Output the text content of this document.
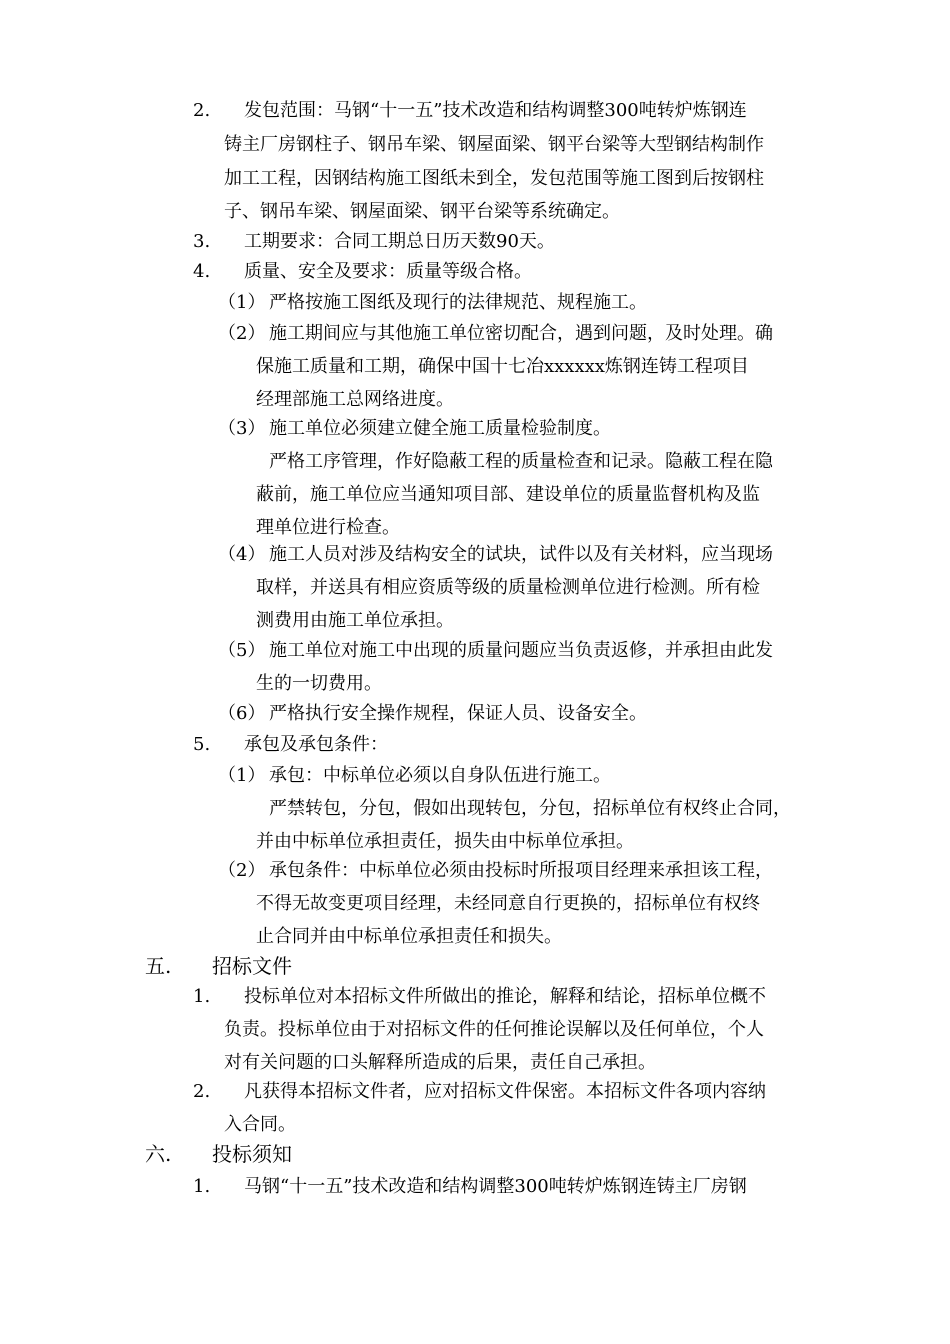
2. 发包范围：马钢“十一五”技术改造和结构调整300吨转炉炼钢连
铸主厂房钢柱子、钢吊车梁、钢屋面梁、钢平台梁等大型钢结构制作
加工工程，因钢结构施工图纸未到全，发包范围等施工图到后按钢柱
子、钢吊车梁、钢屋面梁、钢平台梁等系统确定。
3. 工期要求：合同工期总日历天数90天。
4. 质量、安全及要求：质量等级合格。
（1） 严格按施工图纸及现行的法律规范、规程施工。
（2） 施工期间应与其他施工单位密切配合，遇到问题，及时处理。确
保施工质量和工期，确保中国十七冶xxxxxx炼钢连铸工程项目
经理部施工总网络进度。
（3） 施工单位必须建立健全施工质量检验制度。
严格工序管理，作好隐蔽工程的质量检查和记录。隐蔽工程在隐
蔽前，施工单位应当通知项目部、建设单位的质量监督机构及监
理单位进行检查。
（4） 施工人员对涉及结构安全的试块，试件以及有关材料，应当现场
取样，并送具有相应资质等级的质量检测单位进行检测。所有检
测费用由施工单位承担。
（5） 施工单位对施工中出现的质量问题应当负责返修，并承担由此发
生的一切费用。
（6） 严格执行安全操作规程，保证人员、设备安全。
5. 承包及承包条件：
（1） 承包：中标单位必须以自身队伍进行施工。
严禁转包，分包，假如出现转包，分包，招标单位有权终止合同，
并由中标单位承担责任，损失由中标单位承担。
（2） 承包条件：中标单位必须由投标时所报项目经理来承担该工程，
不得无故变更项目经理，未经同意自行更换的，招标单位有权终
止合同并由中标单位承担责任和损失。
五. 招标文件
1. 投标单位对本招标文件所做出的推论，解释和结论，招标单位概不
负责。投标单位由于对招标文件的任何推论误解以及任何单位，个人
对有关问题的口头解释所造成的后果，责任自己承担。
2. 凡获得本招标文件者，应对招标文件保密。本招标文件各项内容纳
入合同。
六. 投标须知
1. 马钢“十一五”技术改造和结构调整300吨转炉炼钢连铸主厂房钢
